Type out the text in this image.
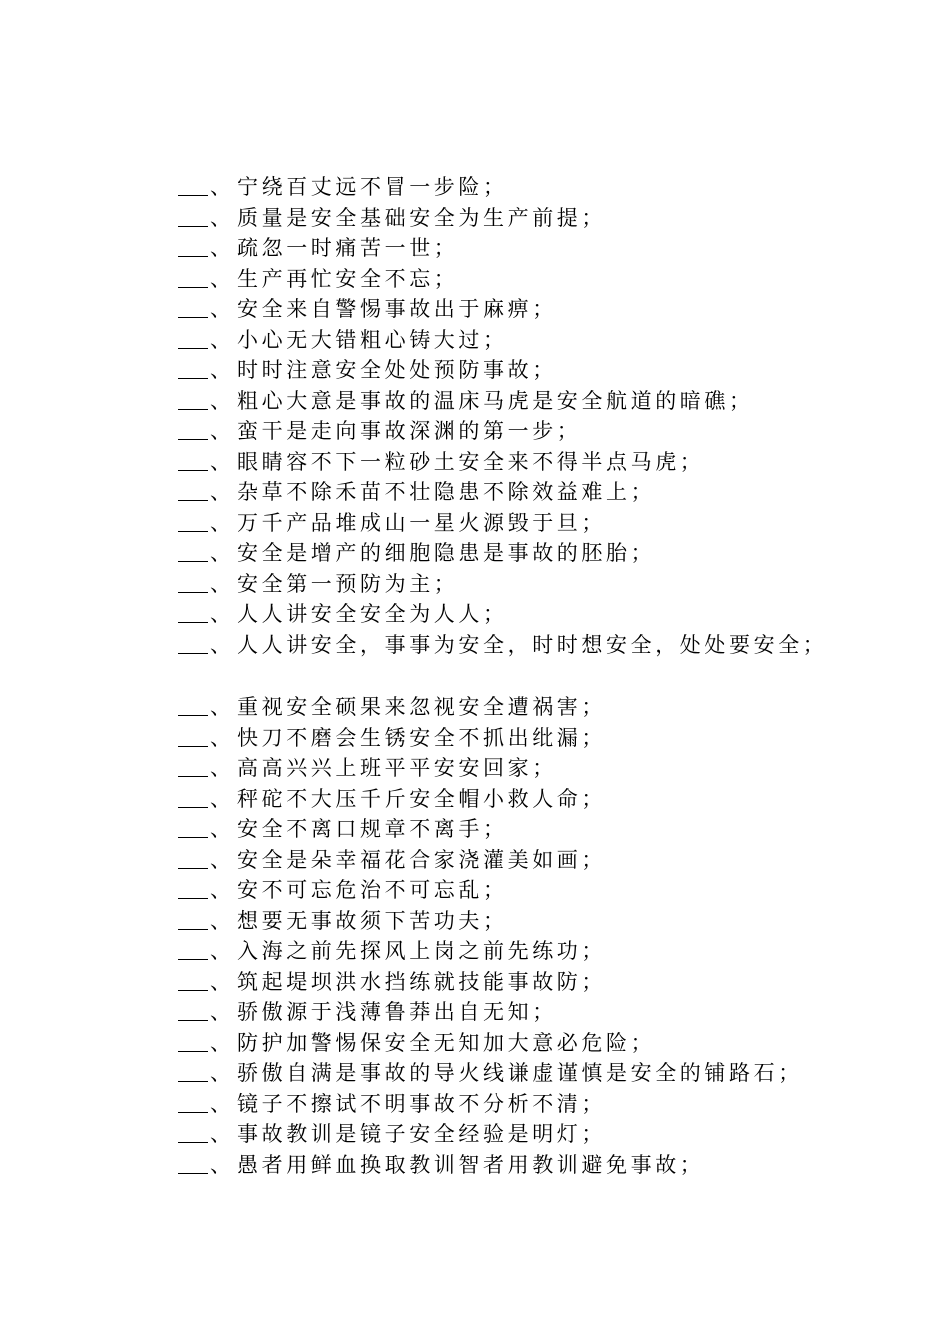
、 宁绕百丈远不冒一步险；
、 质量是安全基础安全为生产前提；
、 疏忽一时痛苦一世；
、 生产再忙安全不忘；
、 安全来自警惕事故出于麻痹；
、 小心无大错粗心铸大过；
、 时时注意安全处处预防事故；
、 粗心大意是事故的温床马虎是安全航道的暗礁；
、 蛮干是走向事故深渊的第一步；
、 眼睛容不下一粒砂土安全来不得半点马虎；
、 杂草不除禾苗不壮隐患不除效益难上；
、 万千产品堆成山一星火源毁于旦；
、 安全是增产的细胞隐患是事故的胚胎；
、 安全第一预防为主；
、 人人讲安全安全为人人；
、 人人讲安全，事事为安全，时时想安全，处处要安全；
、 重视安全硕果来忽视安全遭祸害；
、 快刀不磨会生锈安全不抓出纰漏；
、 高高兴兴上班平平安安回家；
、 秤砣不大压千斤安全帽小救人命；
、 安全不离口规章不离手；
、 安全是朵幸福花合家浇灌美如画；
、 安不可忘危治不可忘乱；
、 想要无事故须下苦功夫；
、 入海之前先探风上岗之前先练功；
、 筑起堤坝洪水挡练就技能事故防；
、 骄傲源于浅薄鲁莽出自无知；
、 防护加警惕保安全无知加大意必危险；
、 骄傲自满是事故的导火线谦虚谨慎是安全的铺路石；
、 镜子不擦试不明事故不分析不清；
、 事故教训是镜子安全经验是明灯；
、 愚者用鲜血换取教训智者用教训避免事故；
